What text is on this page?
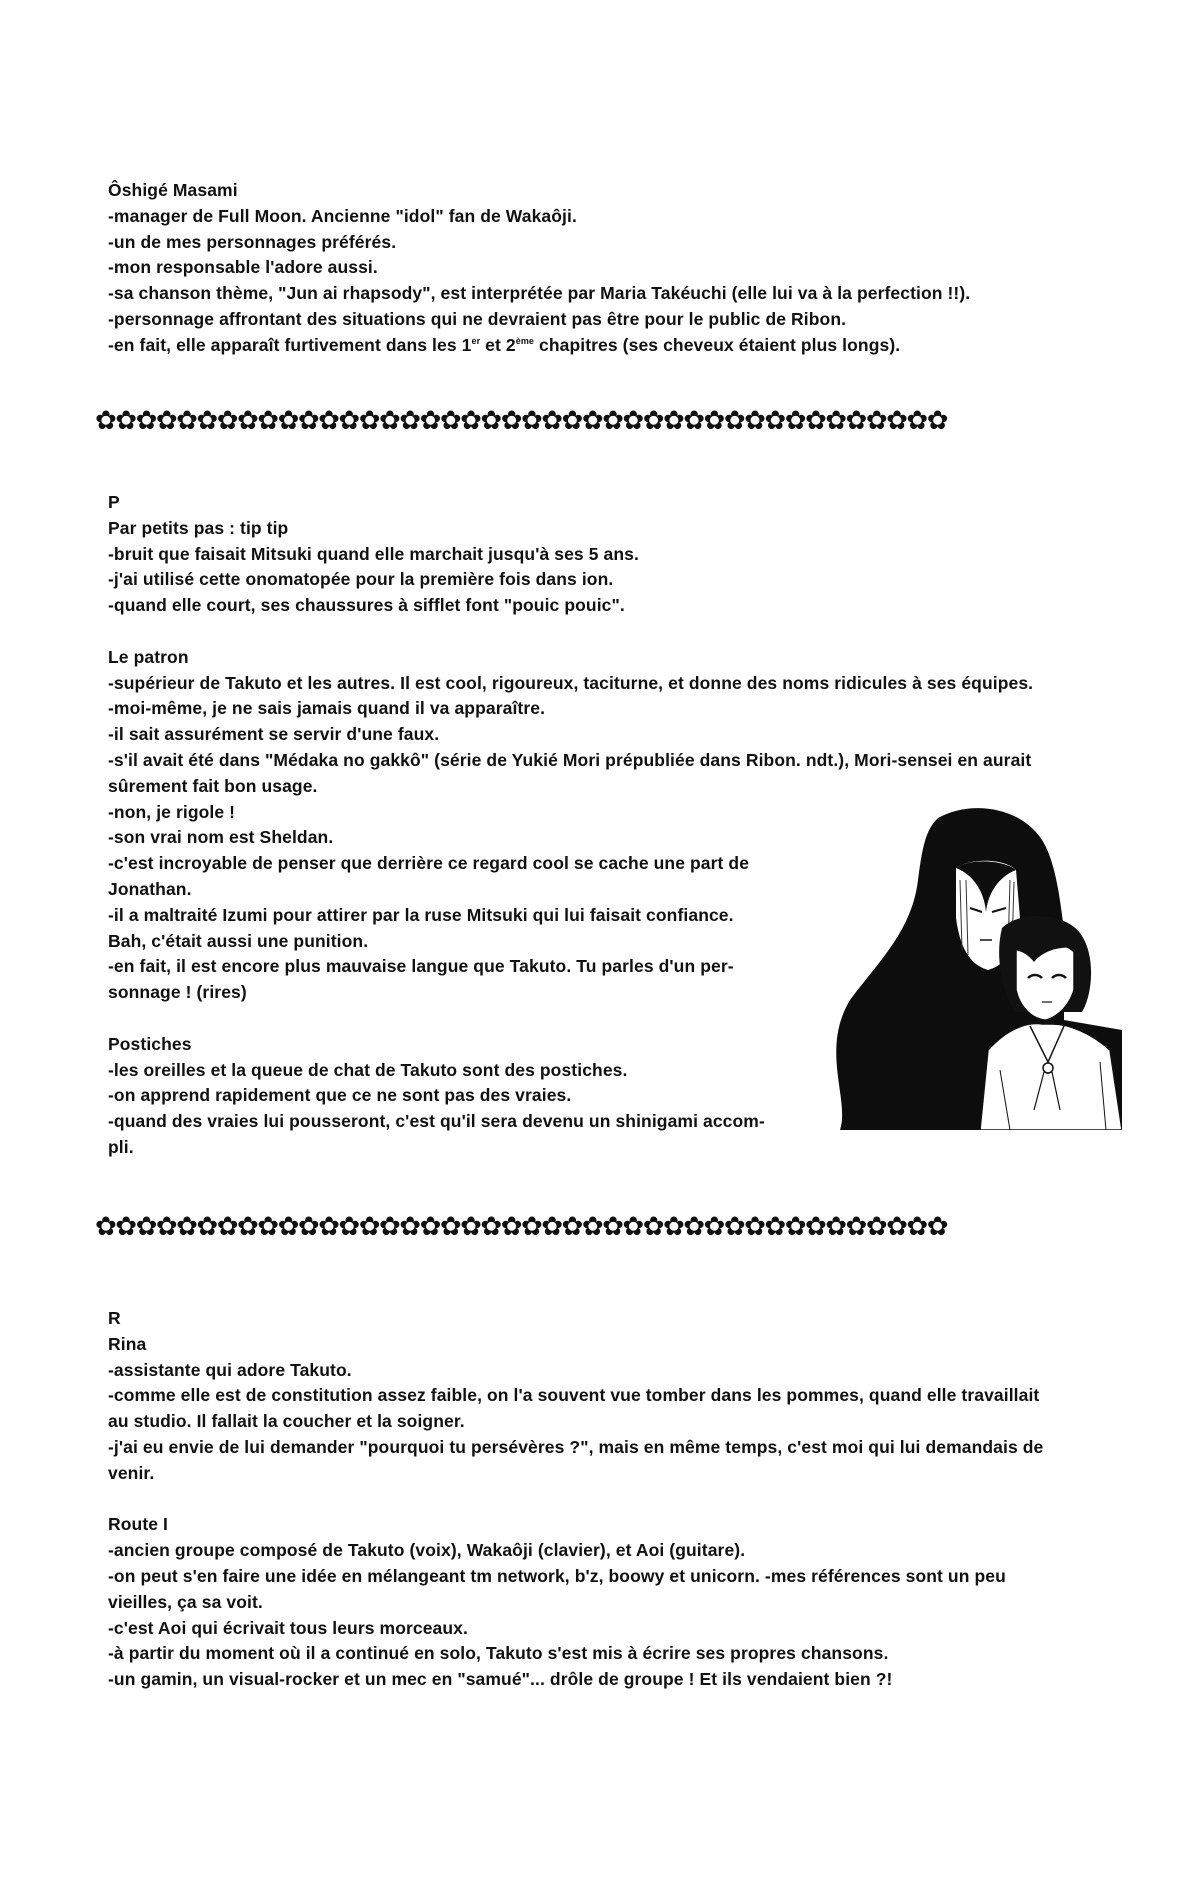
Ôshigé Masami
-manager de Full Moon. Ancienne "idol" fan de Wakaôji.
-un de mes personnages préférés.
-mon responsable l'adore aussi.
-sa chanson thème, "Jun ai rhapsody", est interprétée par Maria Takéuchi (elle lui va à la perfection !!).
-personnage affrontant des situations qui ne devraient pas être pour le public de Ribon.
-en fait, elle apparaît furtivement dans les 1er et 2ème chapitres (ses cheveux étaient plus longs).
✿✿✿✿✿✿✿✿✿✿✿✿✿✿✿✿✿✿✿✿✿✿✿✿✿✿✿✿✿✿✿✿✿✿✿✿✿✿✿✿✿✿
P
Par petits pas : tip tip
-bruit que faisait Mitsuki quand elle marchait jusqu'à ses 5 ans.
-j'ai utilisé cette onomatopée pour la première fois dans ion.
-quand elle court, ses chaussures à sifflet font "pouic pouic".
Le patron
-supérieur de Takuto et les autres. Il est cool, rigoureux, taciturne, et donne des noms ridicules à ses équipes.
-moi-même, je ne sais jamais quand il va apparaître.
-il sait assurément se servir d'une faux.
-s'il avait été dans "Médaka no gakkô" (série de Yukié Mori prépubliée dans Ribon. ndt.), Mori-sensei en aurait
sûrement fait bon usage.
-non, je rigole !
-son vrai nom est Sheldan.
-c'est incroyable de penser que derrière ce regard cool se cache une part de
Jonathan.
-il a maltraité Izumi pour attirer par la ruse Mitsuki qui lui faisait confiance.
Bah, c'était aussi une punition.
-en fait, il est encore plus mauvaise langue que Takuto. Tu parles d'un per-
sonnage ! (rires)
Postiches
-les oreilles et la queue de chat de Takuto sont des postiches.
-on apprend rapidement que ce ne sont pas des vraies.
-quand des vraies lui pousseront, c'est qu'il sera devenu un shinigami accom-
pli.
✿✿✿✿✿✿✿✿✿✿✿✿✿✿✿✿✿✿✿✿✿✿✿✿✿✿✿✿✿✿✿✿✿✿✿✿✿✿✿✿✿✿
R
Rina
-assistante qui adore Takuto.
-comme elle est de constitution assez faible, on l'a souvent vue tomber dans les pommes, quand elle travaillait
au studio. Il fallait la coucher et la soigner.
-j'ai eu envie de lui demander "pourquoi tu persévères ?", mais en même temps, c'est moi qui lui demandais de
venir.
Route I
-ancien groupe composé de Takuto (voix), Wakaôji (clavier), et Aoi (guitare).
-on peut s'en faire une idée en mélangeant tm network, b'z, boowy et unicorn. -mes références sont un peu
vieilles, ça sa voit.
-c'est Aoi qui écrivait tous leurs morceaux.
-à partir du moment où il a continué en solo, Takuto s'est mis à écrire ses propres chansons.
-un gamin, un visual-rocker et un mec en "samué"... drôle de groupe ! Et ils vendaient bien ?!
